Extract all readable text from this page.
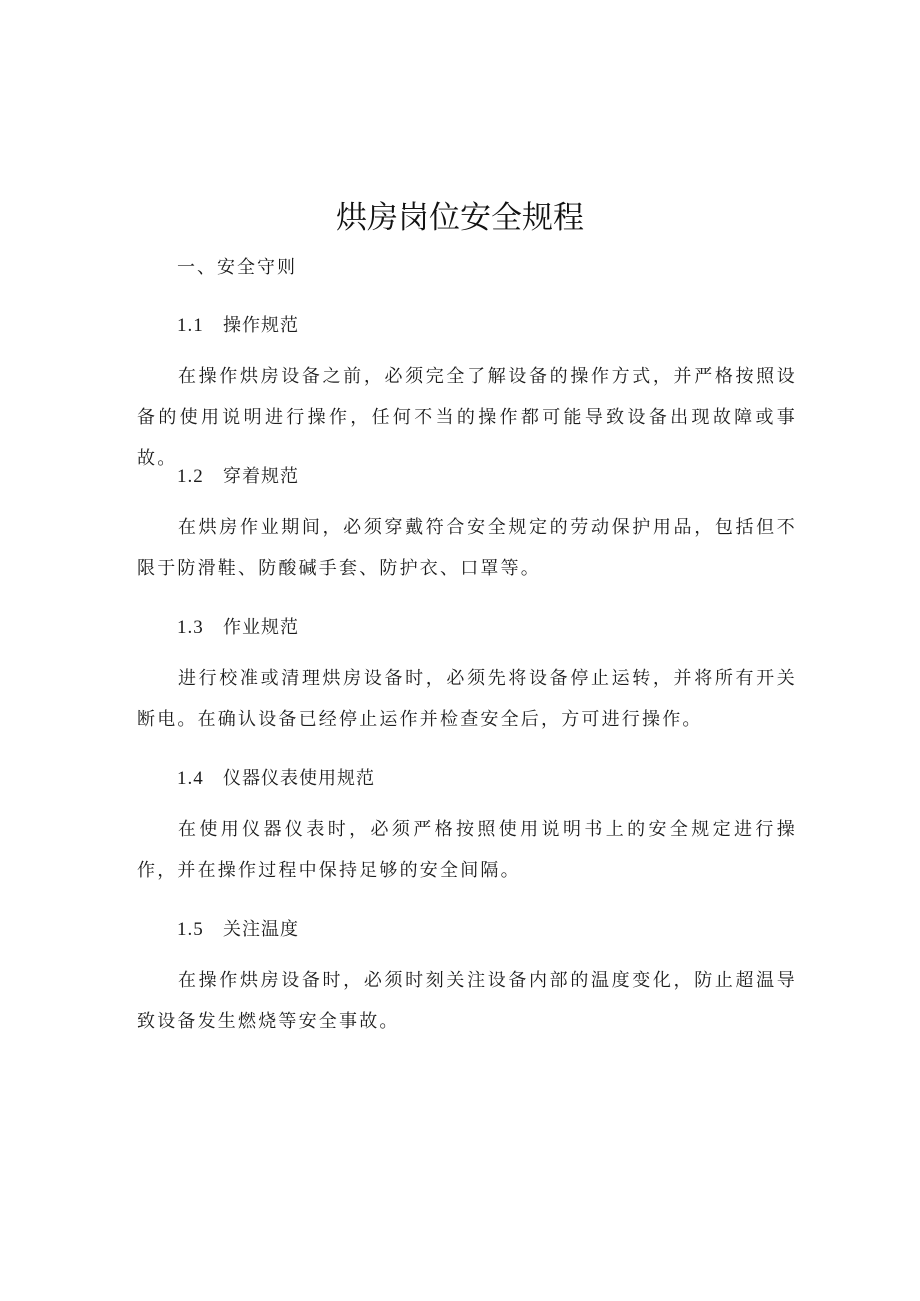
烘房岗位安全规程
一、安全守则
1.1 操作规范
在操作烘房设备之前，必须完全了解设备的操作方式，并严格按照设备的使用说明进行操作，任何不当的操作都可能导致设备出现故障或事故。
1.2 穿着规范
在烘房作业期间，必须穿戴符合安全规定的劳动保护用品，包括但不限于防滑鞋、防酸碱手套、防护衣、口罩等。
1.3 作业规范
进行校准或清理烘房设备时，必须先将设备停止运转，并将所有开关断电。在确认设备已经停止运作并检查安全后，方可进行操作。
1.4 仪器仪表使用规范
在使用仪器仪表时，必须严格按照使用说明书上的安全规定进行操作，并在操作过程中保持足够的安全间隔。
1.5 关注温度
在操作烘房设备时，必须时刻关注设备内部的温度变化，防止超温导致设备发生燃烧等安全事故。
